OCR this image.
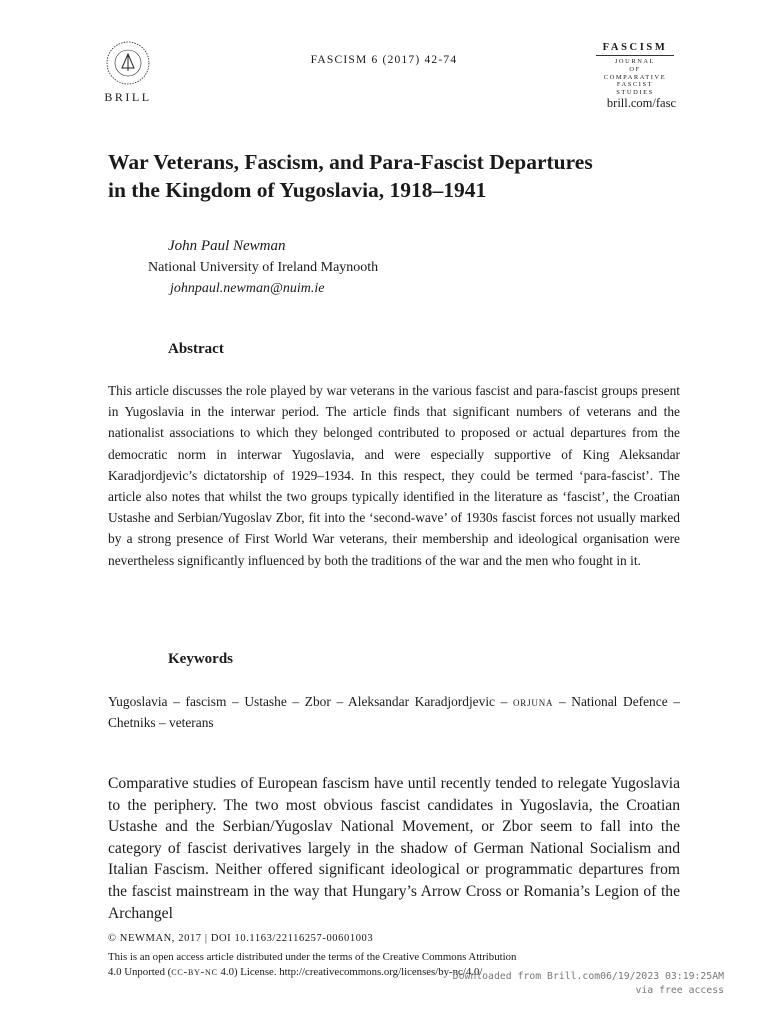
BRILL
FASCISM 6 (2017) 42-74
FASCISM
JOURNAL
OF
COMPARATIVE
FASCIST
STUDIES
brill.com/fasc
War Veterans, Fascism, and Para-Fascist Departures
in the Kingdom of Yugoslavia, 1918–1941
John Paul Newman
National University of Ireland Maynooth
johnpaul.newman@nuim.ie
Abstract
This article discusses the role played by war veterans in the various fascist and para-fascist groups present in Yugoslavia in the interwar period. The article finds that significant numbers of veterans and the nationalist associations to which they belonged contributed to proposed or actual departures from the democratic norm in interwar Yugoslavia, and were especially supportive of King Aleksandar Karadjordjevic’s dictatorship of 1929–1934. In this respect, they could be termed ‘para-fascist’. The article also notes that whilst the two groups typically identified in the literature as ‘fascist’, the Croatian Ustashe and Serbian/Yugoslav Zbor, fit into the ‘second-wave’ of 1930s fascist forces not usually marked by a strong presence of First World War veterans, their membership and ideological organisation were nevertheless significantly influenced by both the traditions of the war and the men who fought in it.
Keywords
Yugoslavia – fascism – Ustashe – Zbor – Aleksandar Karadjordjevic – orjuna – National Defence – Chetniks – veterans
Comparative studies of European fascism have until recently tended to relegate Yugoslavia to the periphery. The two most obvious fascist candidates in Yugoslavia, the Croatian Ustashe and the Serbian/Yugoslav National Movement, or Zbor seem to fall into the category of fascist derivatives largely in the shadow of German National Socialism and Italian Fascism. Neither offered significant ideological or programmatic departures from the fascist mainstream in the way that Hungary’s Arrow Cross or Romania’s Legion of the Archangel
© NEWMAN, 2017 | DOI 10.1163/22116257-00601003
This is an open access article distributed under the terms of the Creative Commons Attribution
4.0 Unported (cc-by-nc 4.0) License. http://creativecommons.org/licenses/by-nc/4.0/
Downloaded from Brill.com06/19/2023 03:19:25AM
via free access
